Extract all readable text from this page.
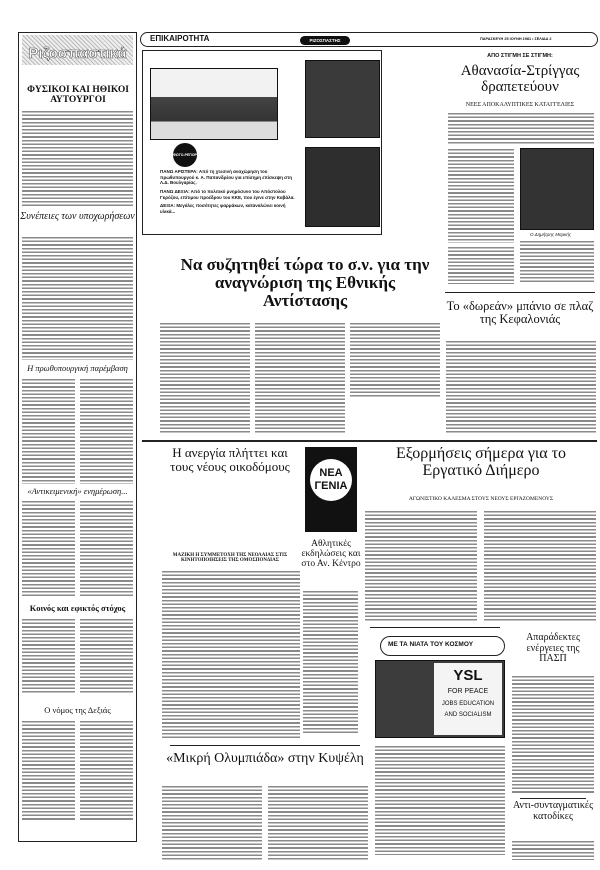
Ριζοσπαστικά
ΦΥΣΙΚΟΙ ΚΑΙ ΗΘΙΚΟΙ ΑΥΤΟΥΡΓΟΙ
Συνέπειες των υποχωρήσεων
Η πρωθυπουργική παρέμβαση
«Αντικειμενική» ενημέρωση...
Κοινός και εφικτός στόχος
Ο νόμος της Δεξιάς
ΕΠΙΚΑΙΡΟΤΗΤΑ	ΡΙΖΟΣΠΑΣΤΗΣ	ΠΑΡΑΣΚΕΥΗ 25 ΙΟΥΝΗ 1981 • ΣΕΛΙΔΑ 2
ΦΩΤΟ-ΡΕΠΟΡΤΑΖ
ΠΑΝΩ ΑΡΙΣΤΕΡΑ: Από τη χτεσινή αναχώρηση του πρωθυπουργού κ. Α. Παπανδρέου για επίσημη επίσκεψη στη Λ.Δ. Βουλγαρίας.
ΠΑΝΩ ΔΕΞΙΑ: Από το πολιτικό μνημόσυνο του Απόστολου Γκρόζου, επίτιμου προέδρου του ΚΚΕ, που έγινε στην Καβάλα.
ΔΕΞΙΑ: Μεγάλες ποσότητες φαρμάκων, καταναλώνει κοινή υλικά...
ΑΠΟ ΣΤΙΓΜΗ ΣΕ ΣΤΙΓΜΗ:
Αθανασία-Στρίγγας δραπετεύουν
ΝΕΕΣ ΑΠΟΚΑΛΥΠΤΙΚΕΣ ΚΑΤΑΓΓΕΛΙΕΣ
Ο Δημήτρης Μαρκής
Να συζητηθεί τώρα το σ.ν. για την αναγνώριση της Εθνικής Αντίστασης	Το «δωρεάν» μπάνιο σε πλαζ της Κεφαλονιάς
Η ανεργία πλήττει και τους νέους οικοδόμους
ΜΑΖΙΚΗ Η ΣΥΜΜΕΤΟΧΗ ΤΗΣ ΝΕΟΛΑΙΑΣ ΣΤΙΣ ΚΙΝΗΤΟΠΟΙΗΣΕΙΣ ΤΗΣ ΟΜΟΣΠΟΝΔΙΑΣ
ΝΕΑ
ΓΕΝΙΑ
Αθλητικές εκδηλώσεις και στο Αν. Κέντρο
Εξορμήσεις σήμερα για το Εργατικό Διήμερο
ΑΓΩΝΙΣΤΙΚΟ ΚΑΛΕΣΜΑ ΣΤΟΥΣ ΝΕΟΥΣ ΕΡΓΑΖΟΜΕΝΟΥΣ
ΜΕ ΤΑ ΝΙΑΤΑ ΤΟΥ ΚΟΣΜΟΥ
YSL
FOR PEACE
JOBS EDUCATION
AND SOCIALISM
Απαράδεκτες ενέργειες της ΠΑΣΠ
Αντι-συνταγματικές κατοδίκες
«Μικρή Ολυμπιάδα» στην Κυψέλη
